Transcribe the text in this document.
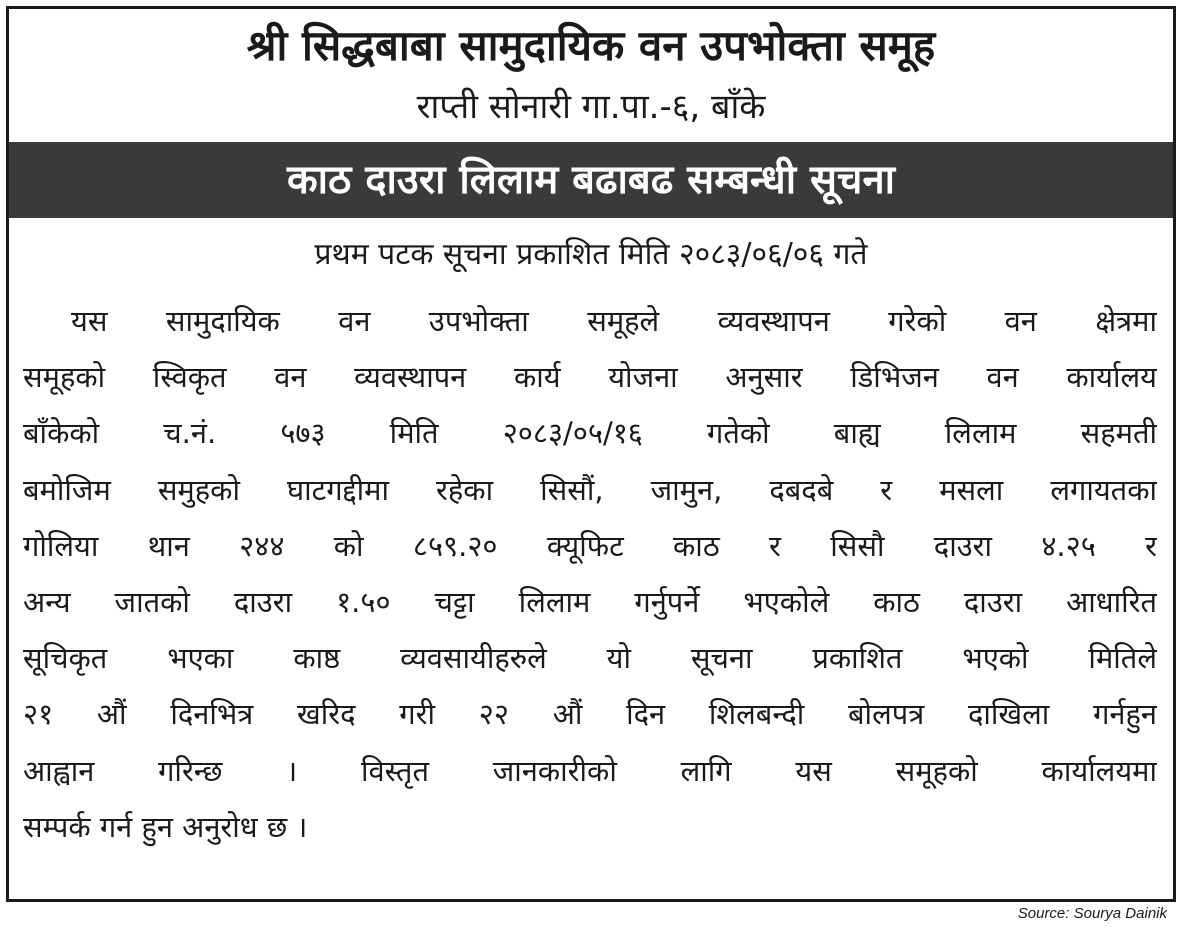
श्री सिद्धबाबा सामुदायिक वन उपभोक्ता समूह
राप्ती सोनारी गा.पा.-६, बाँके
काठ दाउरा लिलाम बढाबढ सम्बन्धी सूचना
प्रथम पटक सूचना प्रकाशित मिति २०८३/०६/०६ गते
यस सामुदायिक वन उपभोक्ता समूहले व्यवस्थापन गरेको वन क्षेत्रमा
समूहको स्विकृत वन व्यवस्थापन कार्य योजना अनुसार डिभिजन वन कार्यालय
बाँकेको च.नं. ५७३ मिति २०८३/०५/१६ गतेको बाह्य लिलाम सहमती
बमोजिम समुहको घाटगद्दीमा रहेका सिसौं, जामुन, दबदबे र मसला लगायतका
गोलिया थान २४४ को ८५९.२० क्यूफिट काठ र सिसौ दाउरा ४.२५ र
अन्य जातको दाउरा १.५० चट्टा लिलाम गर्नुपर्ने भएकोले काठ दाउरा आधारित
सूचिकृत भएका काष्ठ व्यवसायीहरुले यो सूचना प्रकाशित भएको मितिले
२१ औं दिनभित्र खरिद गरी २२ औं दिन शिलबन्दी बोलपत्र दाखिला गर्नहुन
आह्वान गरिन्छ । विस्तृत जानकारीको लागि यस समूहको कार्यालयमा
सम्पर्क गर्न हुन अनुरोध छ ।
Source: Sourya Dainik
